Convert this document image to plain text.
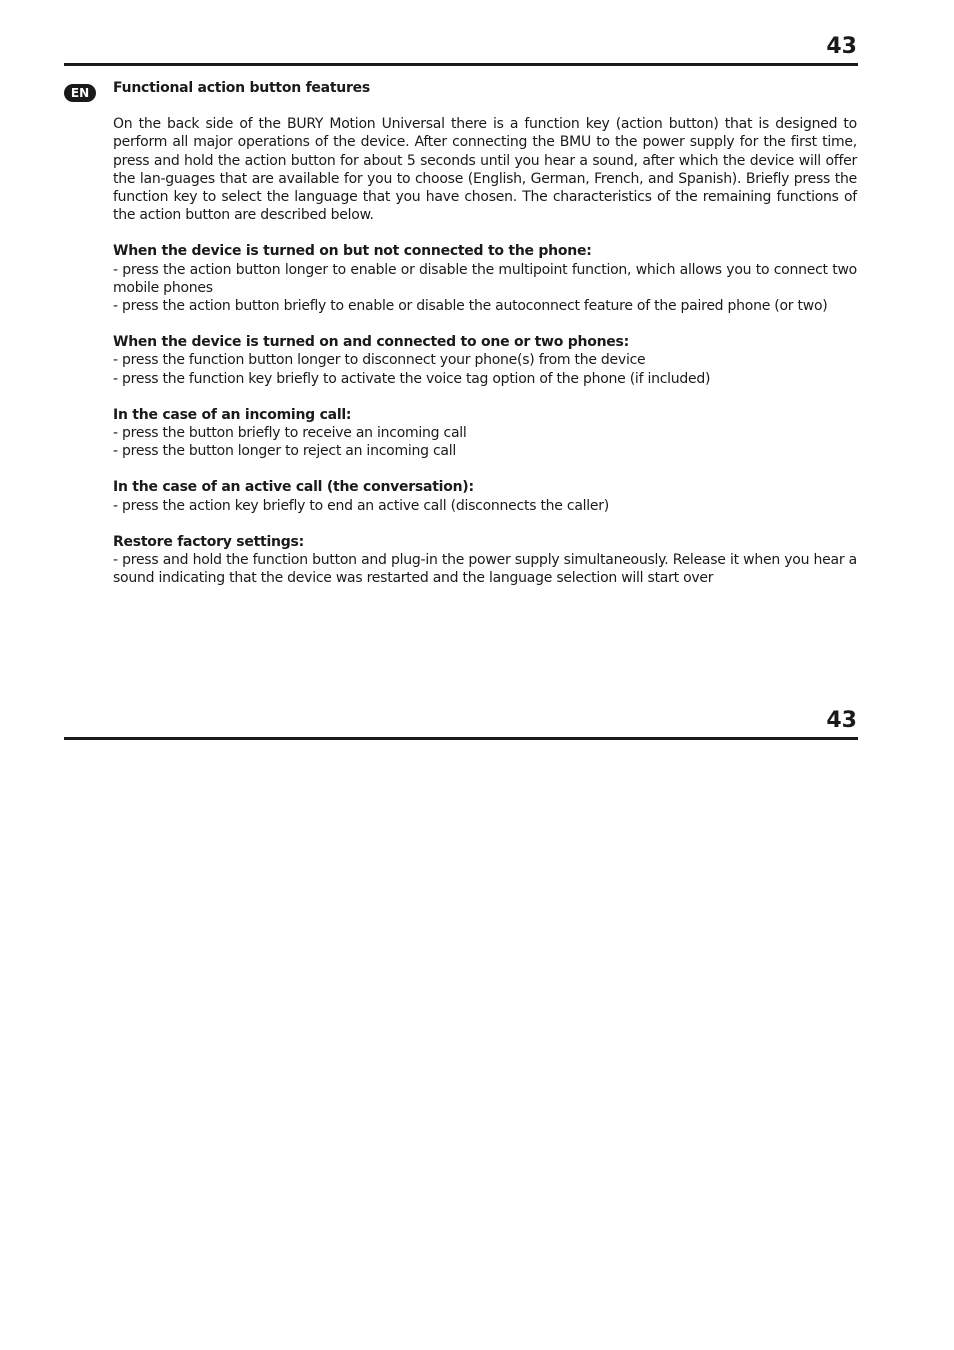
43
EN	Functional action button features

On the back side of the BURY Motion Universal there is a function key (action button) that is designed to perform all major operations of the device. After connecting the BMU to the power supply for the first time, press and hold the action button for about 5 seconds until you hear a sound, after which the device will offer the lan-guages that are available for you to choose (English, German, French, and Spanish). Briefly press the function key to select the language that you have chosen. The characteristics of the remaining functions of the action button are described below.

When the device is turned on but not connected to the phone:

- press the action button longer to enable or disable the multipoint function, which allows you to connect two mobile phones

- press the action button briefly to enable or disable the autoconnect feature of the paired phone (or two)

When the device is turned on and connected to one or two phones:

- press the function button longer to disconnect your phone(s) from the device

- press the function key briefly to activate the voice tag option of the phone (if included)

In the case of an incoming call:

- press the button briefly to receive an incoming call

- press the button longer to reject an incoming call

In the case of an active call (the conversation):

- press the action key briefly to end an active call (disconnects the caller)

Restore factory settings:

- press and hold the function button and plug-in the power supply simultaneously. Release it when you hear a sound indicating that the device was restarted and the language selection will start over

43
